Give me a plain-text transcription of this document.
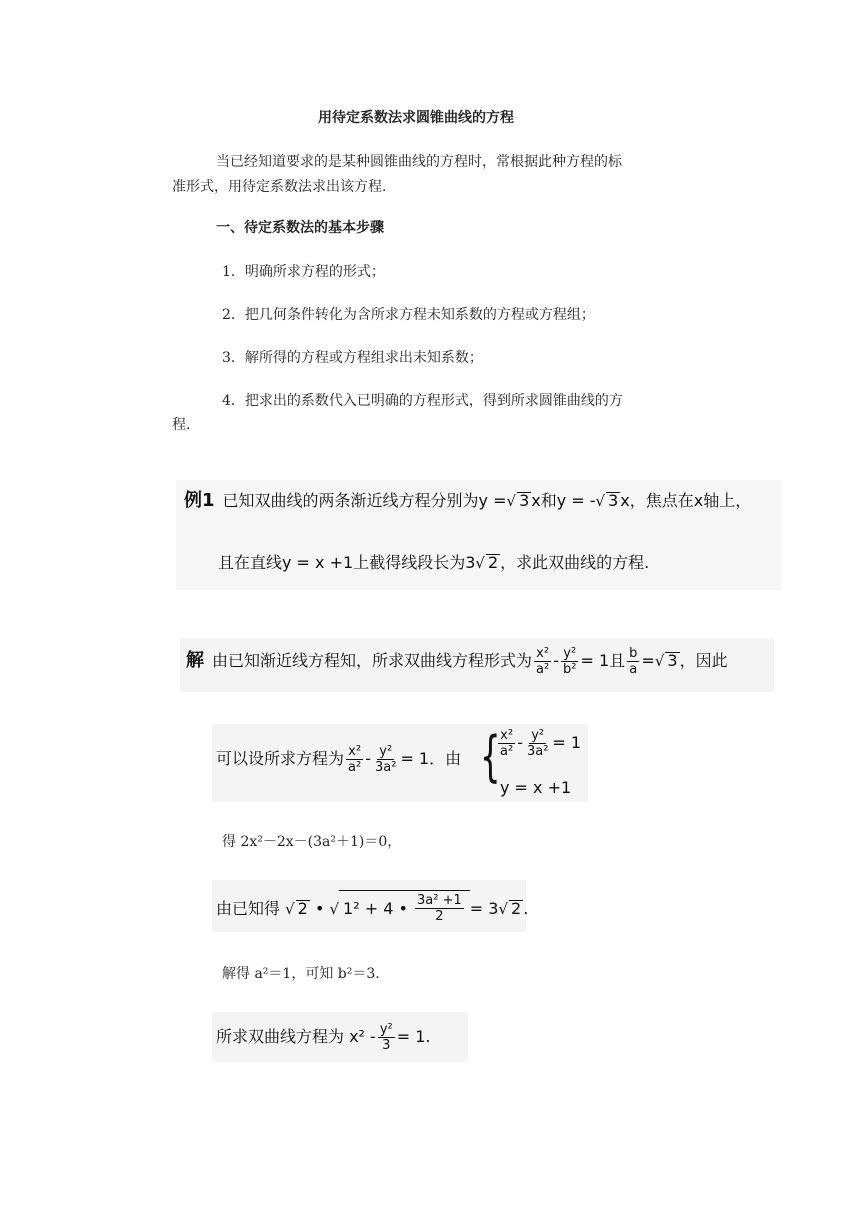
用待定系数法求圆锥曲线的方程
当已经知道要求的是某种圆锥曲线的方程时，常根据此种方程的标
准形式，用待定系数法求出该方程.
一、待定系数法的基本步骤
1．明确所求方程的形式；
2．把几何条件转化为含所求方程未知系数的方程或方程组；
3．解所得的方程或方程组求出未知系数；
4．把求出的系数代入已明确的方程形式，得到所求圆锥曲线的方
程.
例1 已知双曲线的两条渐近线方程分别为y =√ 3 x和y = -√ 3 x，焦点在x轴上，
且在直线y = x +1上截得线段长为3√ 2 ，求此双曲线的方程.
解 由已知渐近线方程知，所求双曲线方程形式为 $\frac{\text{x²}}{\text{a²}} - \frac{\text{y²}}{\text{b²}} = 1$且 $\frac{b}{a}$ =√ 3 ，因此
可以设所求方程为 $\frac{\text{x²}}{\text{a²}} - \frac{\text{y²}}{\text{3a²}} = 1$．由 {
$\frac{\text{x²}}{\text{a²}} - \frac{\text{y²}}{\text{3a²}} = 1$
y = x +1
得 2x²－2x－(3a²＋1)＝0，
由已知得 √ 2 • √ 1² + 4
•
$\frac{\text{3a² +1}}{2} = 3√$ 2 .
解得 a²＝1，可知 b²＝3.
所求双曲线方程为 $x^2 - \frac{\text{y²}}{3} = 1$.
